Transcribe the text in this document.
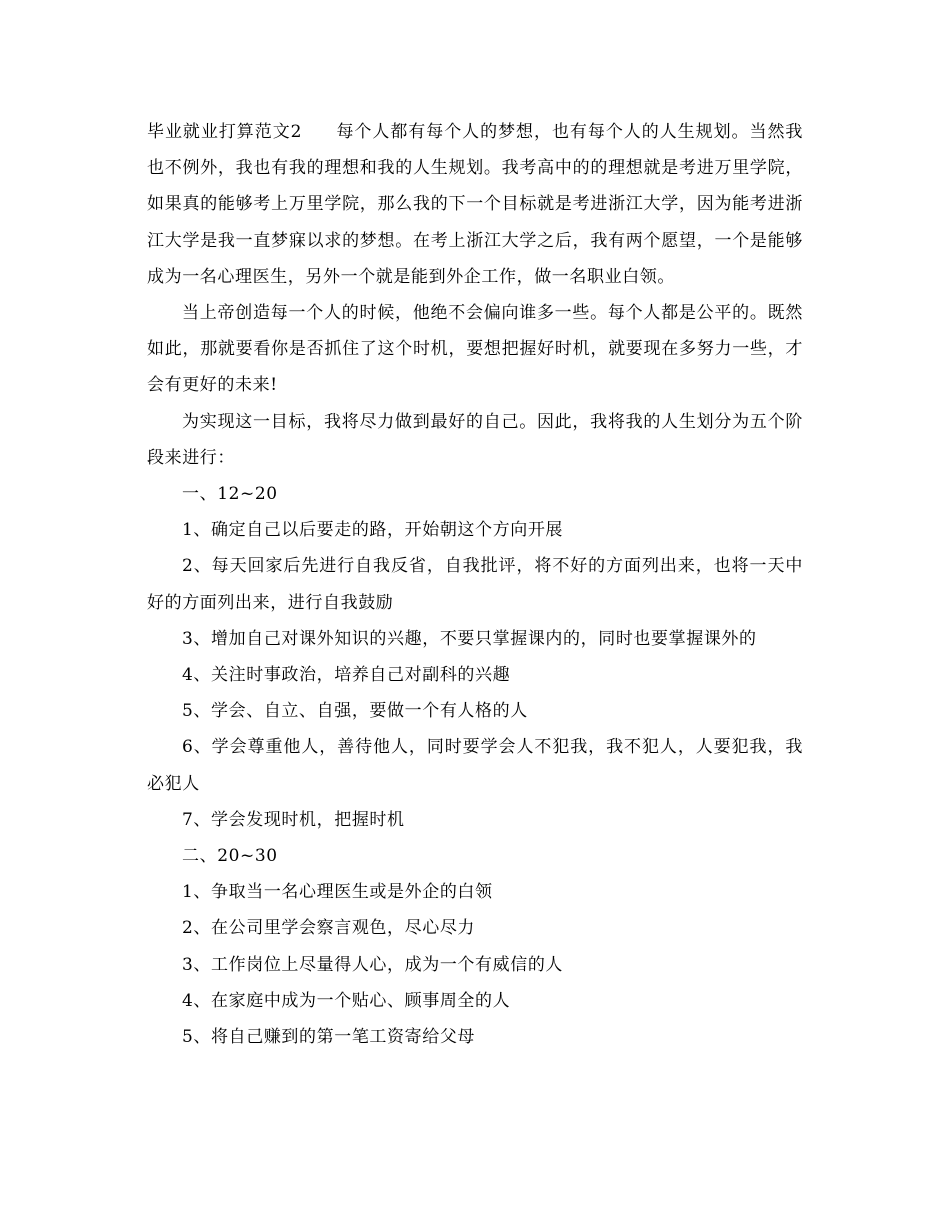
毕业就业打算范文2 每个人都有每个人的梦想，也有每个人的人生规划。当然我也不例外，我也有我的理想和我的人生规划。我考高中的的理想就是考进万里学院，如果真的能够考上万里学院，那么我的下一个目标就是考进浙江大学，因为能考进浙江大学是我一直梦寐以求的梦想。在考上浙江大学之后，我有两个愿望，一个是能够成为一名心理医生，另外一个就是能到外企工作，做一名职业白领。

当上帝创造每一个人的时候，他绝不会偏向谁多一些。每个人都是公平的。既然如此，那就要看你是否抓住了这个时机，要想把握好时机，就要现在多努力一些，才会有更好的未来!

为实现这一目标，我将尽力做到最好的自己。因此，我将我的人生划分为五个阶段来进行：

一、12~20

1、确定自己以后要走的路，开始朝这个方向开展

2、每天回家后先进行自我反省，自我批评，将不好的方面列出来，也将一天中好的方面列出来，进行自我鼓励

3、增加自己对课外知识的兴趣，不要只掌握课内的，同时也要掌握课外的

4、关注时事政治，培养自己对副科的兴趣

5、学会、自立、自强，要做一个有人格的人

6、学会尊重他人，善待他人，同时要学会人不犯我，我不犯人，人要犯我，我必犯人

7、学会发现时机，把握时机

二、20~30

1、争取当一名心理医生或是外企的白领

2、在公司里学会察言观色，尽心尽力

3、工作岗位上尽量得人心，成为一个有威信的人

4、在家庭中成为一个贴心、顾事周全的人

5、将自己赚到的第一笔工资寄给父母
